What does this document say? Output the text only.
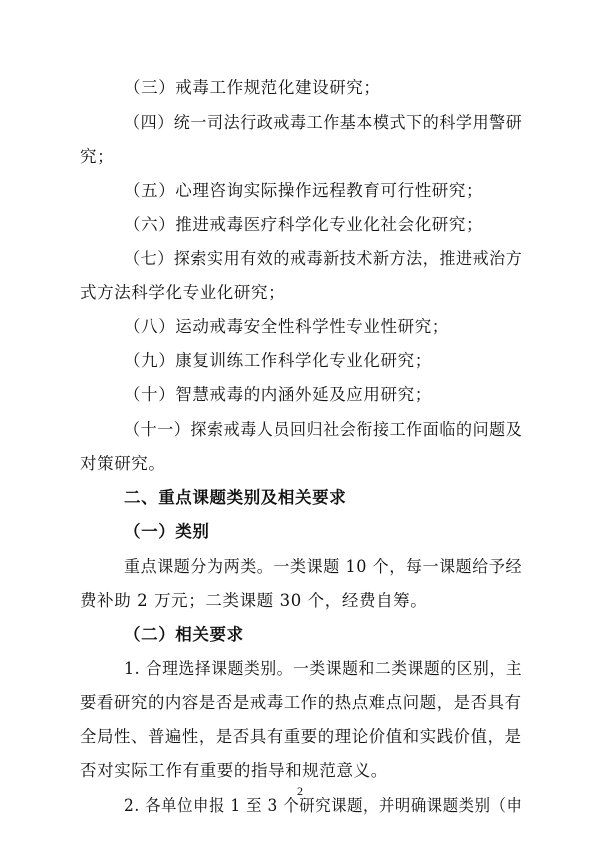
（三）戒毒工作规范化建设研究；
（四）统一司法行政戒毒工作基本模式下的科学用警研
究；
（五）心理咨询实际操作远程教育可行性研究；
（六）推进戒毒医疗科学化专业化社会化研究；
（七）探索实用有效的戒毒新技术新方法，推进戒治方
式方法科学化专业化研究；
（八）运动戒毒安全性科学性专业性研究；
（九）康复训练工作科学化专业化研究；
（十）智慧戒毒的内涵外延及应用研究；
（十一）探索戒毒人员回归社会衔接工作面临的问题及
对策研究。
二、重点课题类别及相关要求
（一）类别
重点课题分为两类。一类课题 10 个，每一课题给予经
费补助 2 万元；二类课题 30 个，经费自筹。
（二）相关要求
1. 合理选择课题类别。一类课题和二类课题的区别，主
要看研究的内容是否是戒毒工作的热点难点问题，是否具有
全局性、普遍性，是否具有重要的理论价值和实践价值，是
否对实际工作有重要的指导和规范意义。
2. 各单位申报 1 至 3 个研究课题，并明确课题类别（申
2
